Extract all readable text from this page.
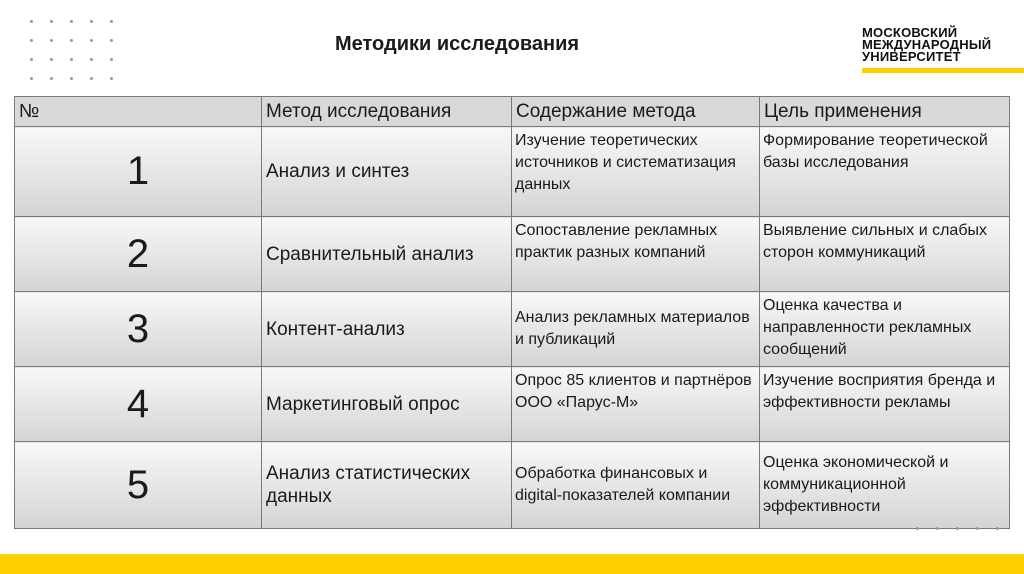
Методики исследования
МОСКОВСКИЙ
МЕЖДУНАРОДНЫЙ
УНИВЕРСИТЕТ
№	Метод исследования	Содержание метода	Цель применения
1	Анализ и синтез	Изучение теоретических источников и систематизация данных	Формирование теоретической базы исследования
2	Сравнительный анализ	Сопоставление рекламных практик разных компаний	Выявление сильных и слабых сторон коммуникаций
3	Контент-анализ	Анализ рекламных материалов и публикаций	Оценка качества и направленности рекламных сообщений
4	Маркетинговый опрос	Опрос 85 клиентов и партнёров ООО «Парус-М»	Изучение восприятия бренда и эффективности рекламы
5	Анализ статистических данных	Обработка финансовых и digital-показателей компании	Оценка экономической и коммуникационной эффективности
